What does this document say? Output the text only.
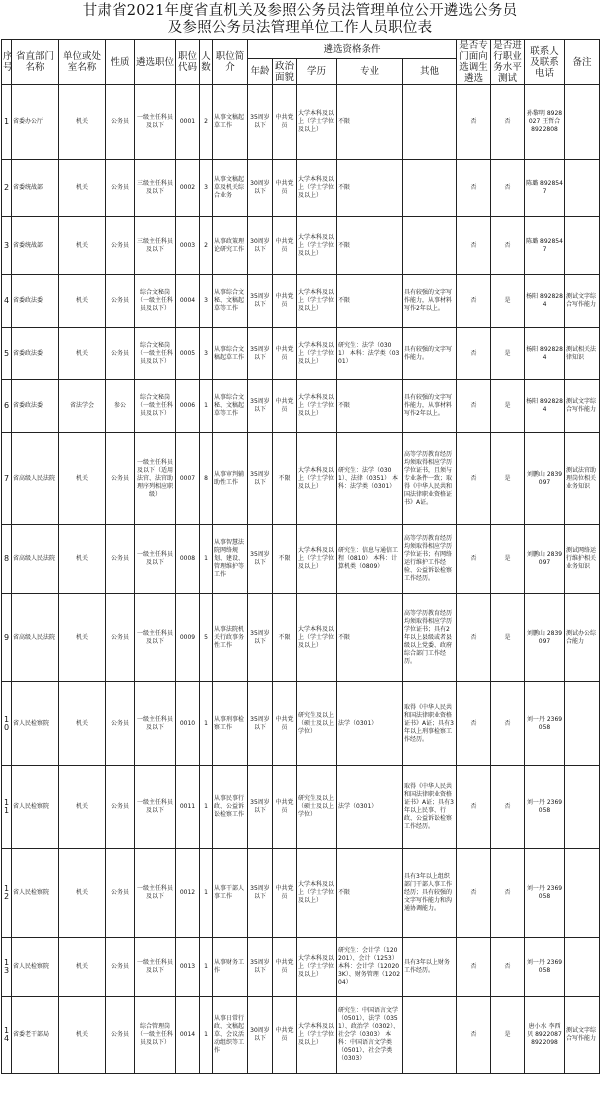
甘肃省2021年度省直机关及参照公务员法管理单位公开遴选公务员
及参照公务员法管理单位工作人员职位表
序号	省直部门名称	单位或处室名称	性质	遴选职位	职位代码	人数	职位简介	遴选资格条件					是否专门面向选调生遴选	是否进行职业务水平测试	联系人及联系电话	备注
								年龄	政治面貌	学历	专业	其他				
1	省委办公厅	机关	公务员	一级主任科员及以下	0001	2	从事文稿起草工作	35周岁以下	中共党员	大学本科及以上（学士学位及以上）	不限		否	否	孙黎明 8928027 王哲合 8922808	
2	省委统战部	机关	公务员	三级主任科员及以下	0002	3	从事文稿起草及机关综合业务	30周岁以下	中共党员	大学本科及以上（学士学位及以上）	不限		否	否	陈璐 8928547	
3	省委统战部	机关	公务员	三级主任科员及以下	0003	2	从事政策理论研究工作	30周岁以下	中共党员	大学本科及以上（学士学位及以上）	不限		否	否	陈璐 8928547	
4	省委政法委	机关	公务员	综合文秘岗（一级主任科员及以下）	0004	3	从事综合文秘、文稿起草等工作	35周岁以下	中共党员	大学本科及以上（学士学位及以上）	不限	具有较强的文字写作能力，从事材料写作2年以上。	否	是	杨阳 8928284	测试文字综合写作能力
5	省委政法委	机关	公务员	综合文秘岗（一级主任科员及以下）	0005	3	从事综合文稿起草工作	35周岁以下	中共党员	大学本科及以上（学士学位及以上）	研究生：法学（0301） 本科：法学类（0301）	具有较强的文字写作能力。	否	是	杨阳 8928284	测试相关法律知识
6	省委政法委	省法学会	参公	综合文秘岗（一级主任科员及以下）	0006	1	从事综合文秘、文稿起草等工作	35周岁以下	中共党员	大学本科及以上（学士学位及以上）	不限	具有较强的文字写作能力，从事材料写作2年以上。	否	是	杨阳 8928284	测试文字综合写作能力
7	省高级人民法院	机关	公务员	一级主任科员及以下（适用法官、法官助理序列相应职级）	0007	8	从事审判辅助性工作	35周岁以下	不限	大学本科及以上（学士学位及以上）	研究生：法学（0301）、法律（0351） 本科：法学类（0301）	高等学历教育经历均须取得相应学历学位证书，且须与专业条件一致；取得《中华人民共和国法律职业资格证书》A证。	否	是	刘鹏山 2839097	测试法官助理岗位相关业务知识
8	省高级人民法院	机关	公务员	一级主任科员及以下	0008	1	从事智慧法院网络规划、建设、管理维护等工作	35周岁以下	不限	大学本科及以上（学士学位及以上）	研究生：信息与通信工程（0810） 本科：计算机类（0809）	高等学历教育经历均须取得相应学历学位证书；有网络运行维护工作经验、公益诉讼检察工作经历。	否	是	刘鹏山 2839097	测试网络运行维护相关业务知识
9	省高级人民法院	机关	公务员	一级主任科员及以下	0009	5	从事法院机关行政事务性工作	35周岁以下	不限	大学本科及以上（学士学位及以上）	不限	高等学历教育经历均须取得相应学历学位证书；具有2年以上县级或者县级以上党委、政府综合部门工作经历。	否	是	刘鹏山 2839097	测试办公综合能力
10	省人民检察院	机关	公务员	一级主任科员及以下	0010	1	从事刑事检察工作	35周岁以下	中共党员	研究生及以上（硕士及以上学位）	法学（0301）	取得《中华人民共和国法律职业资格证书》A证；具有3年以上刑事检察工作经历。	否	否	刘一丹 2369058	
11	省人民检察院	机关	公务员	一级主任科员及以下	0011	1	从事民事行政、公益诉讼检察工作	35周岁以下	中共党员	研究生及以上（硕士及以上学位）	法学（0301）	取得《中华人民共和国法律职业资格证书》A证；具有3年以上民事、行政、公益诉讼检察工作经历。	否	否	刘一丹 2369058	
12	省人民检察院	机关	公务员	一级主任科员及以下	0012	1	从事干部人事工作	35周岁以下	中共党员	大学本科及以上（学士学位及以上）	不限	具有3年以上组织部门干部人事工作经历；具有较强的文字写作能力和沟通协调能力。	否	否	刘一丹 2369058	
13	省人民检察院	机关	公务员	一级主任科员及以下	0013	1	从事财务工作	35周岁以下	中共党员	大学本科及以上（学士学位及以上）	研究生：会计学（120201）、会计（1253） 本科：会计学（120203K）、财务管理（120204）	具有3年以上财务工作经历。	否	否	刘一丹 2369058	
14	省委老干部局	机关	公务员	综合管理岗（一级主任科员及以下）	0014	1	从事日常行政、文稿起草、会议活动组织等工作	30周岁以下	中共党员	大学本科及以上（学士学位及以上）	研究生：中国语言文学（0501）、法学（0351）、政治学（0302）、社会学（0303） 本科：中国语言文学类（0501）、社会学类（0303）		否	是	唐小水 李西贝 8922087 8922098	测试文字综合写作能力
